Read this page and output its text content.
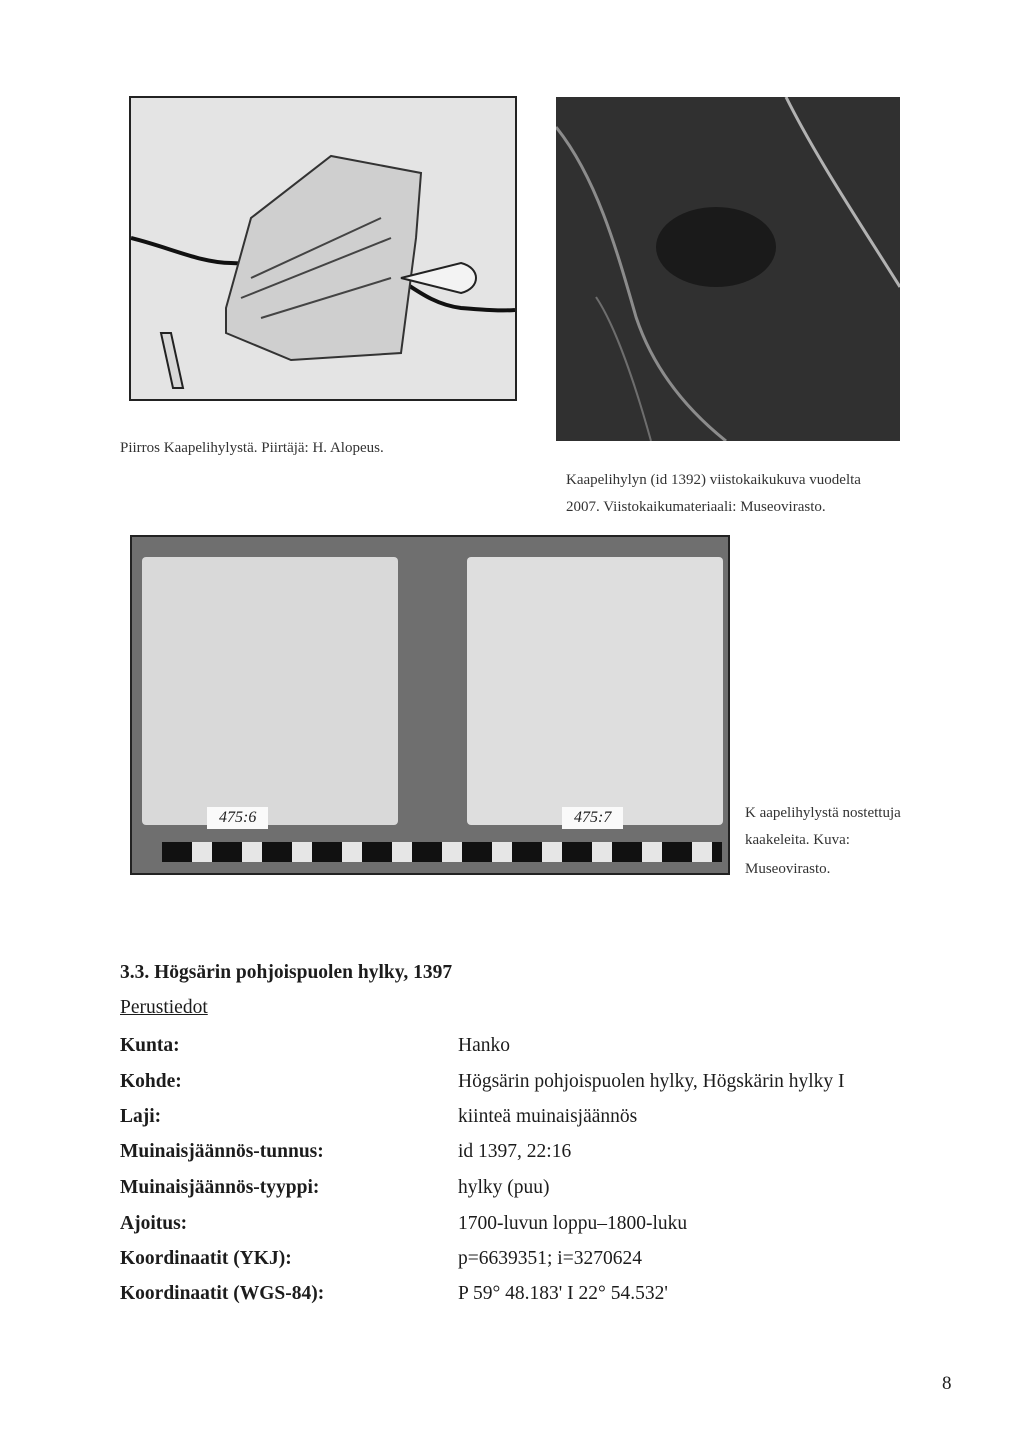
Piirros Kaapelihylystä. Piirtäjä: H. Alopeus.
Kaapelihylyn (id 1392) viistokaikukuva vuodelta
2007. Viistokaikumateriaali: Museovirasto.
475:6	475:7	K aapelihylystä nostettuja
kaakeleita. Kuva:
Museovirasto.
3.3. Högsärin pohjoispuolen hylky, 1397
Perustiedot
Kunta:	Hanko
Kohde:	Högsärin pohjoispuolen hylky, Högskärin hylky I
Laji:	kiinteä muinaisjäännös
Muinaisjäännös-tunnus:	id 1397, 22:16
Muinaisjäännös-tyyppi:	hylky (puu)
Ajoitus:	1700-luvun loppu–1800-luku
Koordinaatit (YKJ):	p=6639351; i=3270624
Koordinaatit (WGS-84):	P 59° 48.183' I 22° 54.532'
8
